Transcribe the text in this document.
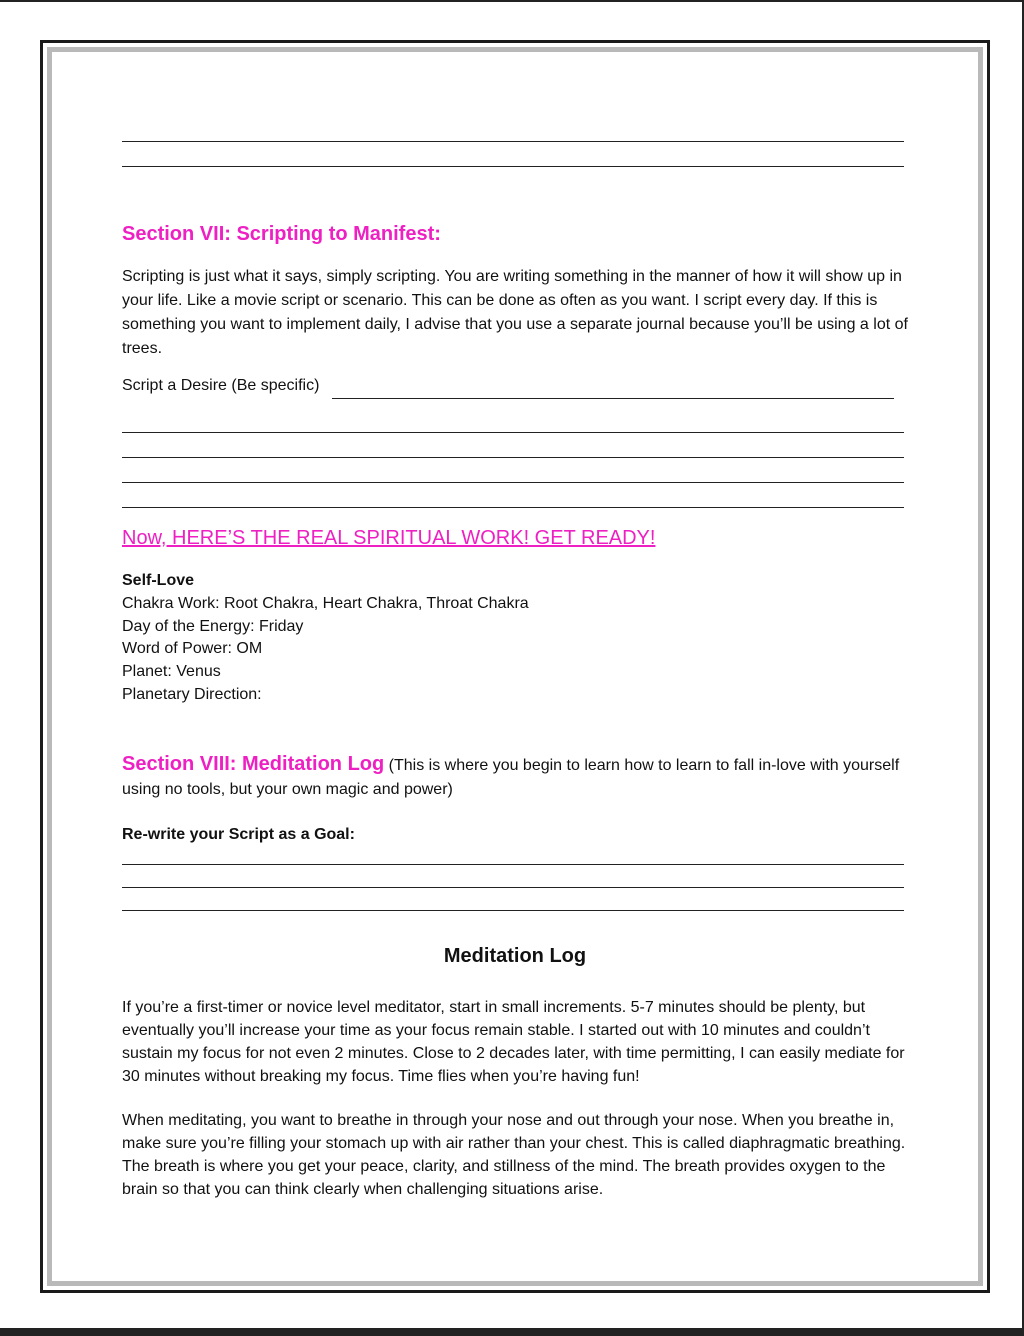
Section VII: Scripting to Manifest:

Scripting is just what it says, simply scripting. You are writing something in the manner of how it will show up in your life. Like a movie script or scenario. This can be done as often as you want. I script every day. If this is something you want to implement daily, I advise that you use a separate journal because you’ll be using a lot of trees.

Script a Desire (Be specific)

Now, HERE’S THE REAL SPIRITUAL WORK! GET READY!
Self-Love
Chakra Work: Root Chakra, Heart Chakra, Throat Chakra
Day of the Energy: Friday
Word of Power: OM
Planet: Venus
Planetary Direction:

Section VIII: Meditation Log (This is where you begin to learn how to learn to fall in-love with yourself using no tools, but your own magic and power)

Re-write your Script as a Goal:

Meditation Log

If you’re a first-timer or novice level meditator, start in small increments. 5-7 minutes should be plenty, but eventually you’ll increase your time as your focus remain stable. I started out with 10 minutes and couldn’t sustain my focus for not even 2 minutes. Close to 2 decades later, with time permitting, I can easily mediate for 30 minutes without breaking my focus. Time flies when you’re having fun!

When meditating, you want to breathe in through your nose and out through your nose. When you breathe in, make sure you’re filling your stomach up with air rather than your chest. This is called diaphragmatic breathing. The breath is where you get your peace, clarity, and stillness of the mind. The breath provides oxygen to the brain so that you can think clearly when challenging situations arise.
